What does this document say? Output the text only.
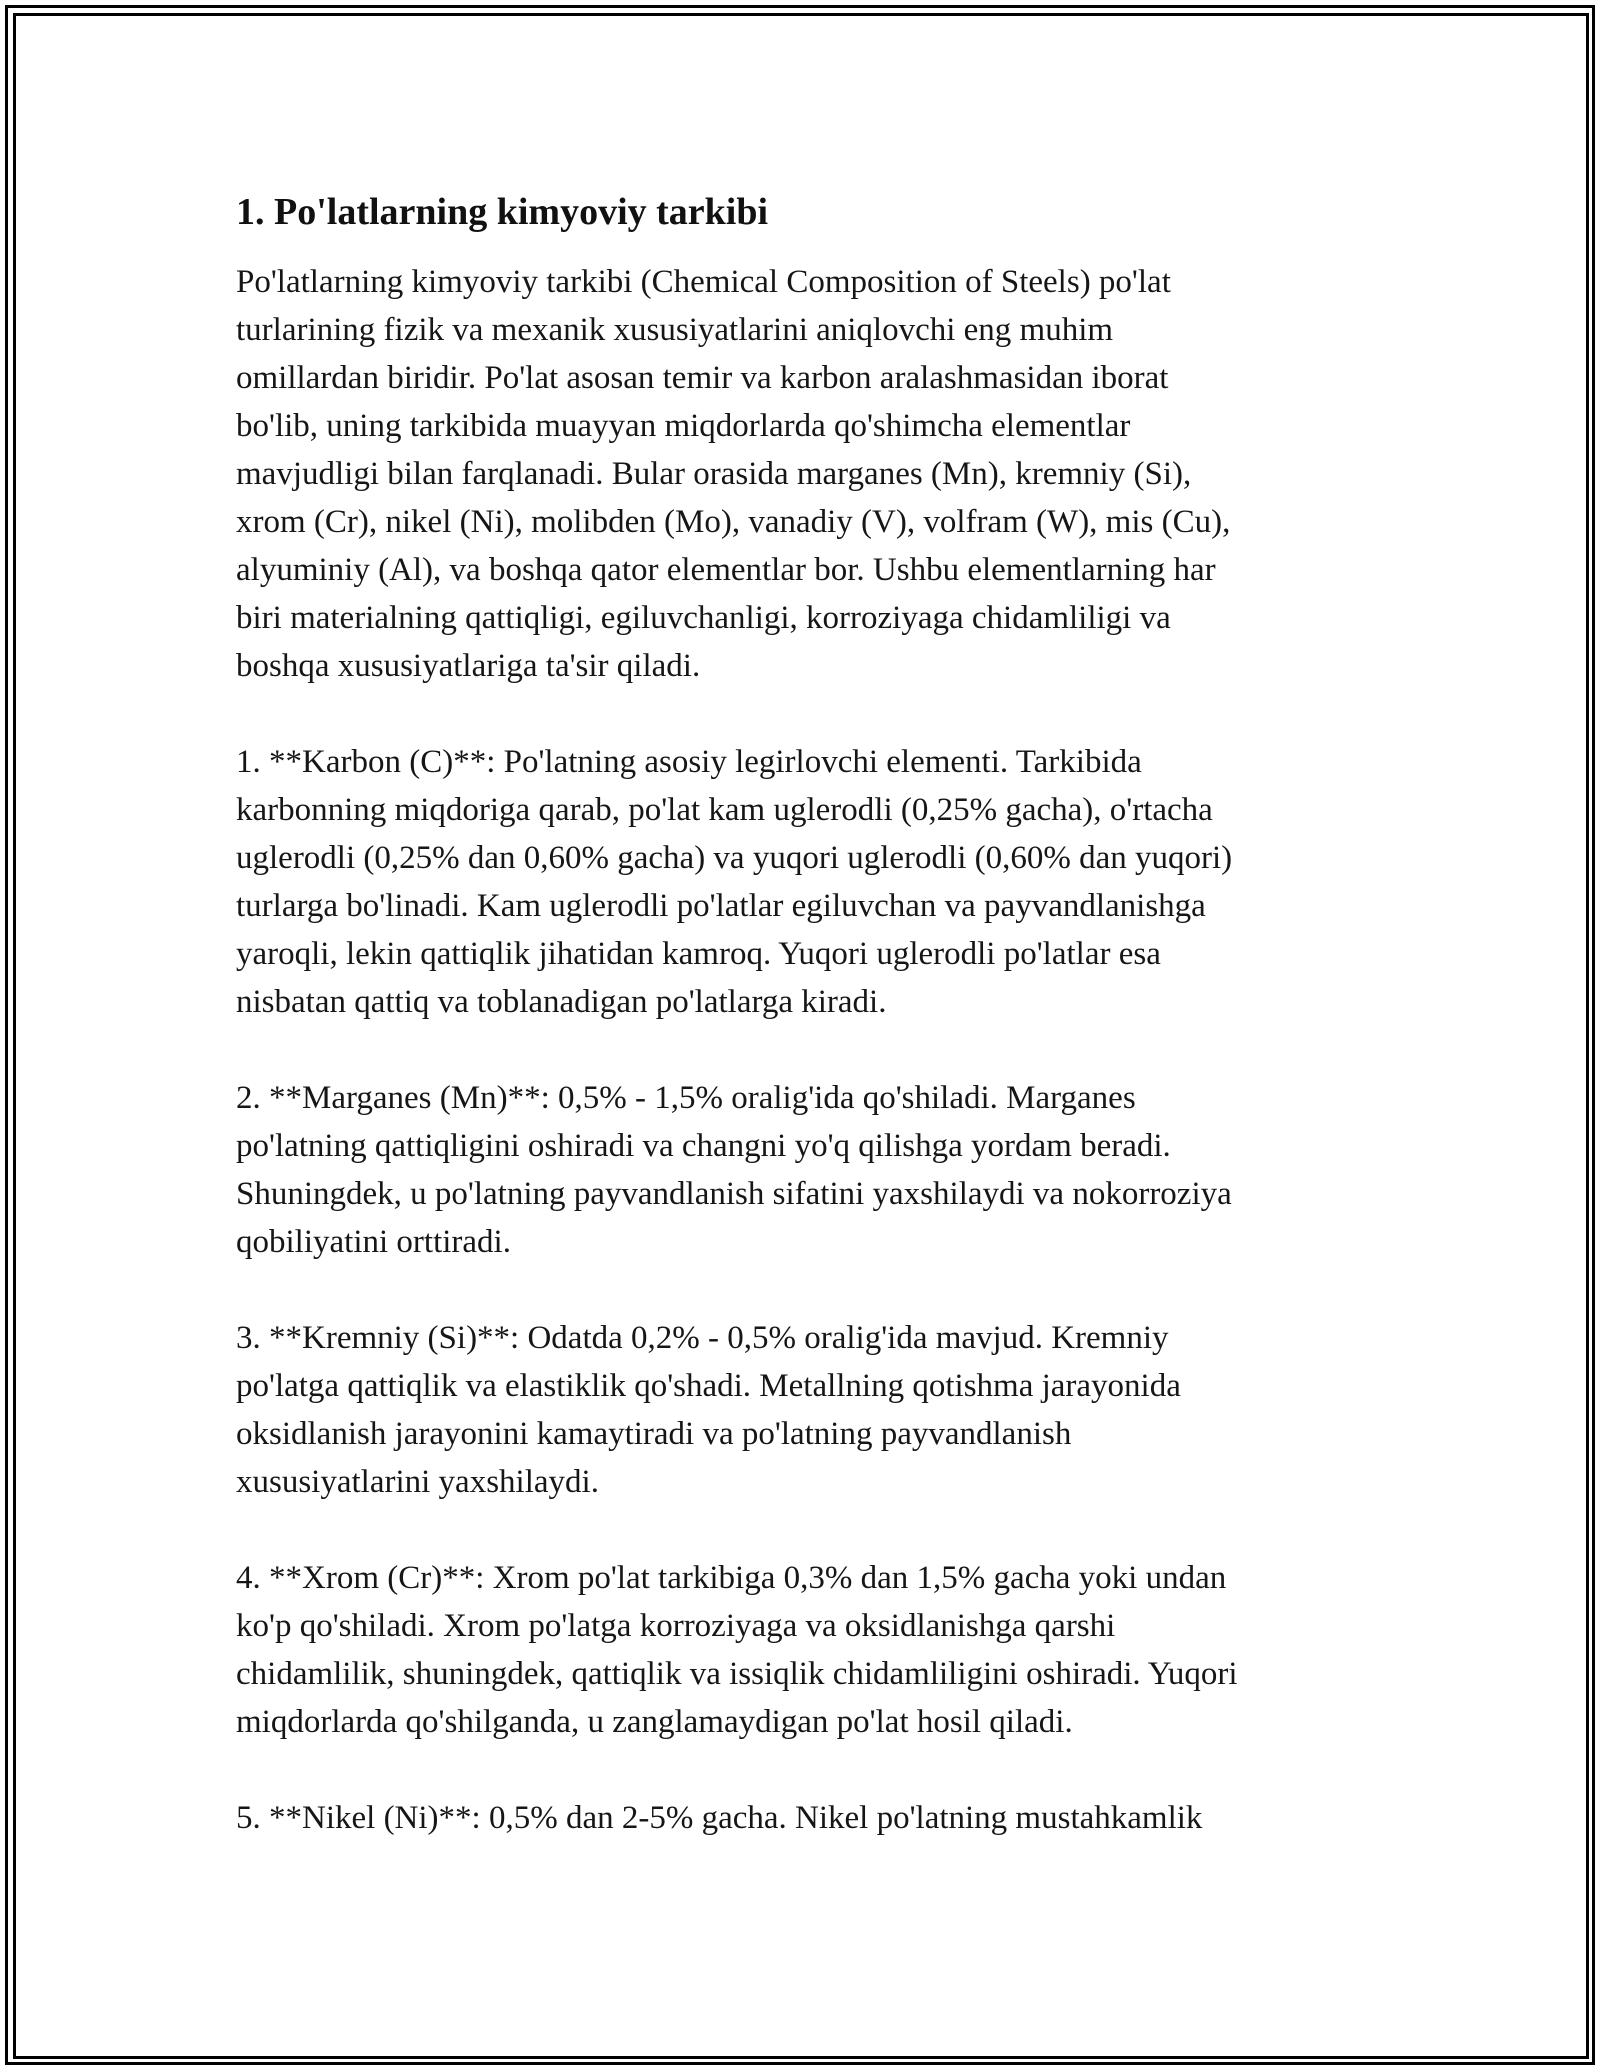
1. Po'latlarning kimyoviy tarkibi

Po'latlarning kimyoviy tarkibi (Chemical Composition of Steels) po'lat
turlarining fizik va mexanik xususiyatlarini aniqlovchi eng muhim
omillardan biridir. Po'lat asosan temir va karbon aralashmasidan iborat
bo'lib, uning tarkibida muayyan miqdorlarda qo'shimcha elementlar
mavjudligi bilan farqlanadi. Bular orasida marganes (Mn), kremniy (Si),
xrom (Cr), nikel (Ni), molibden (Mo), vanadiy (V), volfram (W), mis (Cu),
alyuminiy (Al), va boshqa qator elementlar bor. Ushbu elementlarning har
biri materialning qattiqligi, egiluvchanligi, korroziyaga chidamliligi va
boshqa xususiyatlariga ta'sir qiladi.

1. **Karbon (C)**: Po'latning asosiy legirlovchi elementi. Tarkibida
karbonning miqdoriga qarab, po'lat kam uglerodli (0,25% gacha), o'rtacha
uglerodli (0,25% dan 0,60% gacha) va yuqori uglerodli (0,60% dan yuqori)
turlarga bo'linadi. Kam uglerodli po'latlar egiluvchan va payvandlanishga
yaroqli, lekin qattiqlik jihatidan kamroq. Yuqori uglerodli po'latlar esa
nisbatan qattiq va toblanadigan po'latlarga kiradi.

2. **Marganes (Mn)**: 0,5% - 1,5% oralig'ida qo'shiladi. Marganes
po'latning qattiqligini oshiradi va changni yo'q qilishga yordam beradi.
Shuningdek, u po'latning payvandlanish sifatini yaxshilaydi va nokorroziya
qobiliyatini orttiradi.

3. **Kremniy (Si)**: Odatda 0,2% - 0,5% oralig'ida mavjud. Kremniy
po'latga qattiqlik va elastiklik qo'shadi. Metallning qotishma jarayonida
oksidlanish jarayonini kamaytiradi va po'latning payvandlanish
xususiyatlarini yaxshilaydi.

4. **Xrom (Cr)**: Xrom po'lat tarkibiga 0,3% dan 1,5% gacha yoki undan
ko'p qo'shiladi. Xrom po'latga korroziyaga va oksidlanishga qarshi
chidamlilik, shuningdek, qattiqlik va issiqlik chidamliligini oshiradi. Yuqori
miqdorlarda qo'shilganda, u zanglamaydigan po'lat hosil qiladi.

5. **Nikel (Ni)**: 0,5% dan 2-5% gacha. Nikel po'latning mustahkamlik
